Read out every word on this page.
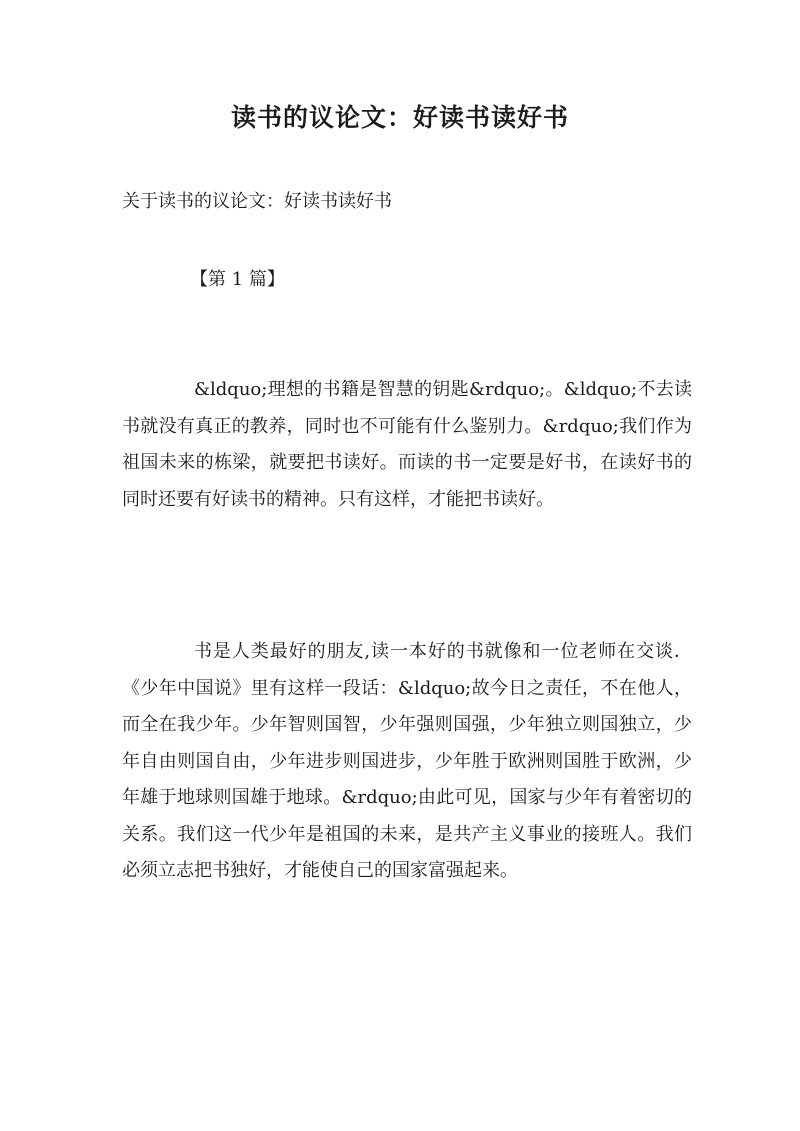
读书的议论文：好读书读好书

关于读书的议论文：好读书读好书

【第 1 篇】

&ldquo;理想的书籍是智慧的钥匙&rdquo;。&ldquo;不去读书就没有真正的教养，同时也不可能有什么鉴别力。&rdquo;我们作为祖国未来的栋梁，就要把书读好。而读的书一定要是好书，在读好书的同时还要有好读书的精神。只有这样，才能把书读好。

书是人类最好的朋友,读一本好的书就像和一位老师在交谈．《少年中国说》里有这样一段话：&ldquo;故今日之责任，不在他人，而全在我少年。少年智则国智，少年强则国强，少年独立则国独立，少年自由则国自由，少年进步则国进步，少年胜于欧洲则国胜于欧洲，少年雄于地球则国雄于地球。&rdquo;由此可见，国家与少年有着密切的关系。我们这一代少年是祖国的未来，是共产主义事业的接班人。我们必须立志把书独好，才能使自己的国家富强起来。
